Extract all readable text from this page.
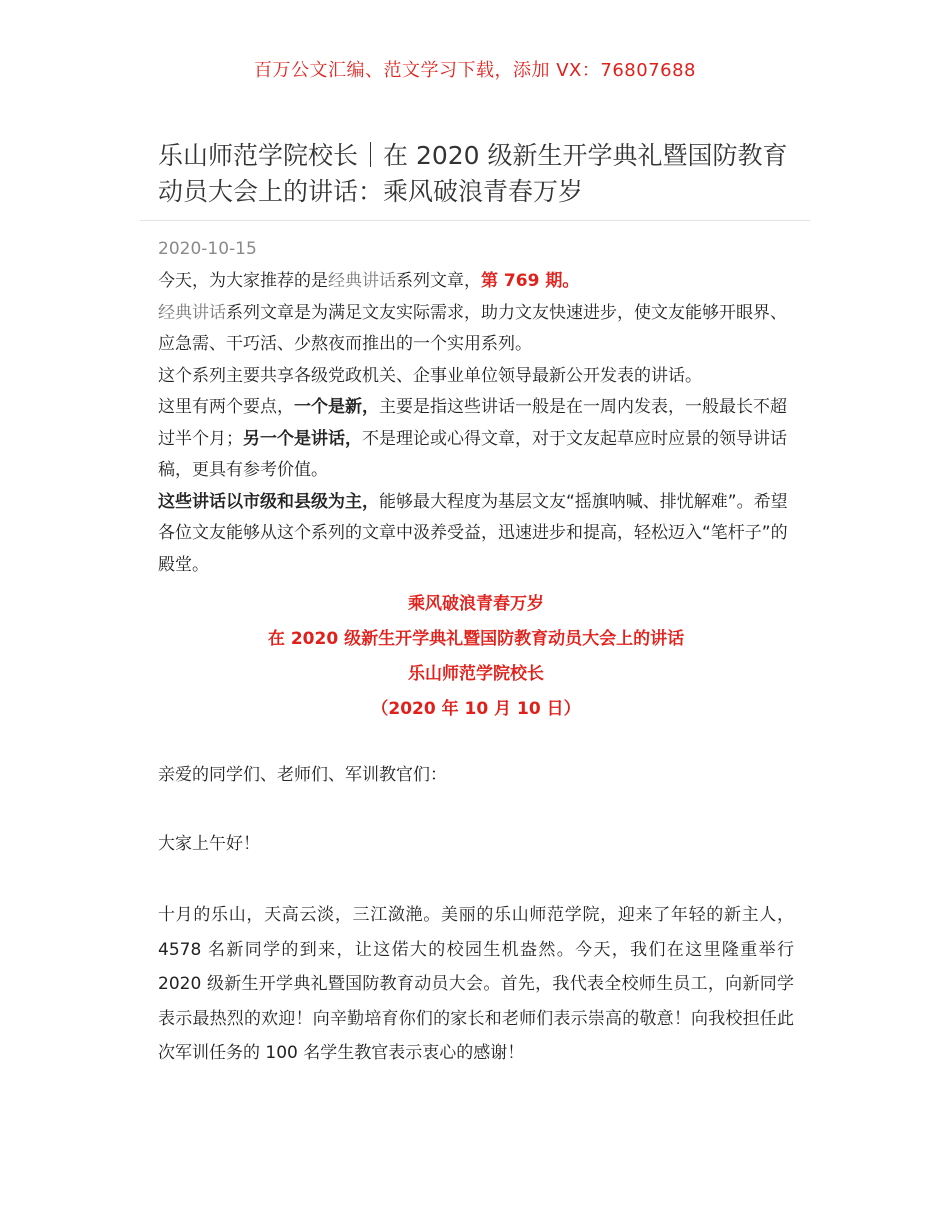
百万公文汇编、范文学习下载，添加 VX：76807688
乐山师范学院校长｜在 2020 级新生开学典礼暨国防教育动员大会上的讲话：乘风破浪青春万岁
2020-10-15

今天，为大家推荐的是经典讲话系列文章，第 769 期。

经典讲话系列文章是为满足文友实际需求，助力文友快速进步，使文友能够开眼界、应急需、干巧活、少熬夜而推出的一个实用系列。

这个系列主要共享各级党政机关、企事业单位领导最新公开发表的讲话。

这里有两个要点，一个是新，主要是指这些讲话一般是在一周内发表，一般最长不超过半个月；另一个是讲话，不是理论或心得文章，对于文友起草应时应景的领导讲话稿，更具有参考价值。

这些讲话以市级和县级为主，能够最大程度为基层文友“摇旗呐喊、排忧解难”。希望各位文友能够从这个系列的文章中汲养受益，迅速进步和提高，轻松迈入“笔杆子”的殿堂。

乘风破浪青春万岁
在 2020 级新生开学典礼暨国防教育动员大会上的讲话
乐山师范学院校长
（2020 年 10 月 10 日）
亲爱的同学们、老师们、军训教官们：
大家上午好！
十月的乐山，天高云淡，三江潋滟。美丽的乐山师范学院，迎来了年轻的新主人，4578 名新同学的到来，让这偌大的校园生机盎然。今天，我们在这里隆重举行 2020 级新生开学典礼暨国防教育动员大会。首先，我代表全校师生员工，向新同学表示最热烈的欢迎！向辛勤培育你们的家长和老师们表示崇高的敬意！向我校担任此次军训任务的 100 名学生教官表示衷心的感谢！
